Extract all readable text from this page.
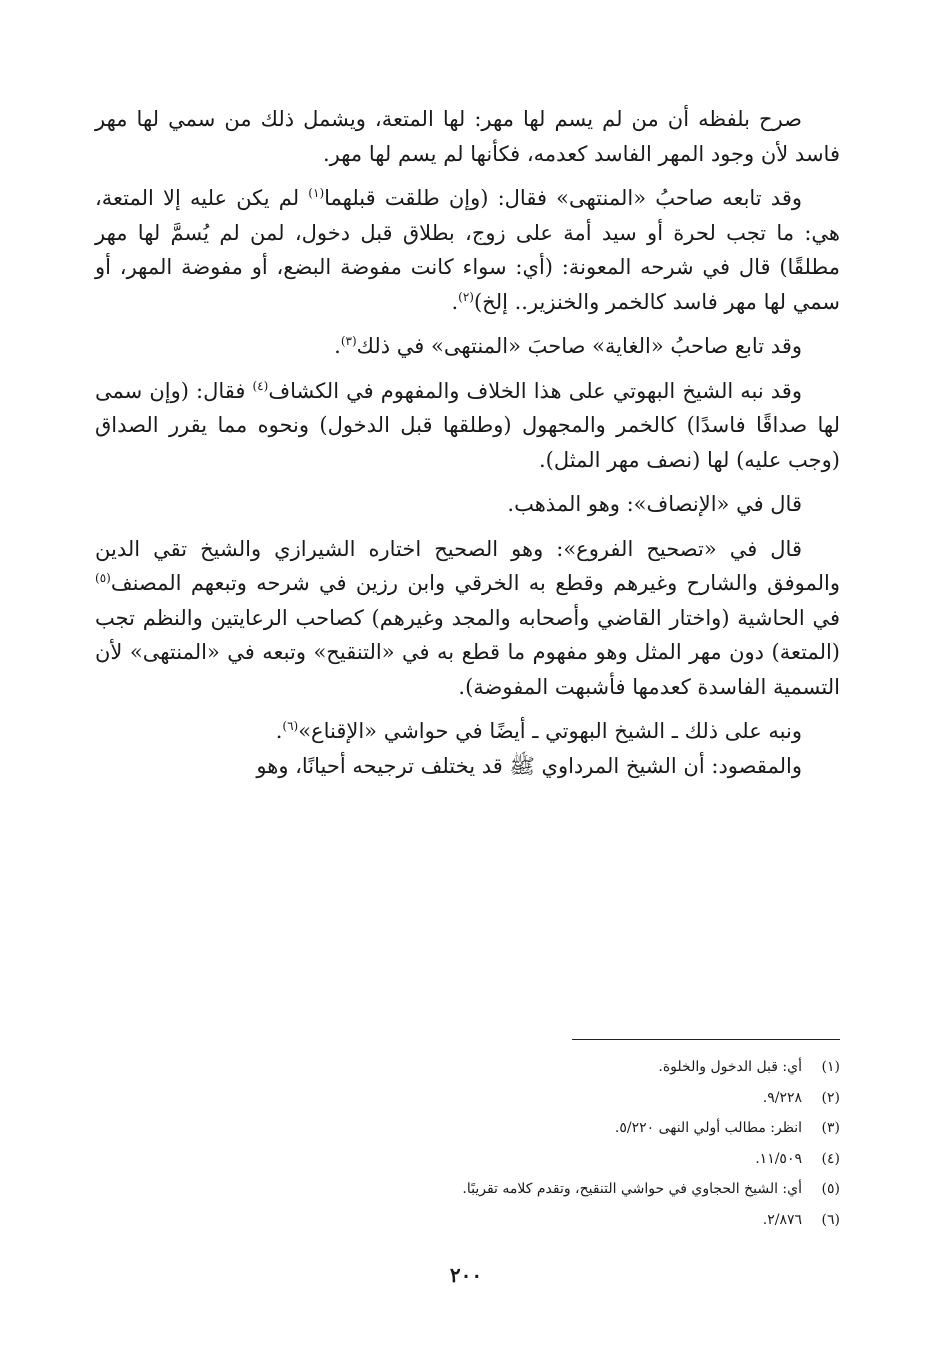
صرح بلفظه أن من لم يسم لها مهر: لها المتعة، ويشمل ذلك من سمي لها مهر فاسد لأن وجود المهر الفاسد كعدمه، فكأنها لم يسم لها مهر.

وقد تابعه صاحبُ «المنتهى» فقال: (وإن طلقت قبلهما$^{(١)}$ لم يكن عليه إلا المتعة، هي: ما تجب لحرة أو سيد أمة على زوج، بطلاق قبل دخول، لمن لم يُسمَّ لها مهر مطلقًا) قال في شرحه المعونة: (أي: سواء كانت مفوضة البضع، أو مفوضة المهر، أو سمي لها مهر فاسد كالخمر والخنزير.. إلخ)$^{(٢)}$.

وقد تابع صاحبُ «الغاية» صاحبَ «المنتهى» في ذلك$^{(٣)}$.

وقد نبه الشيخ البهوتي على هذا الخلاف والمفهوم في الكشاف$^{(٤)}$ فقال: (وإن سمى لها صداقًا فاسدًا) كالخمر والمجهول (وطلقها قبل الدخول) ونحوه مما يقرر الصداق (وجب عليه) لها (نصف مهر المثل).

قال في «الإنصاف»: وهو المذهب.

قال في «تصحيح الفروع»: وهو الصحيح اختاره الشيرازي والشيخ تقي الدين والموفق والشارح وغيرهم وقطع به الخرقي وابن رزين في شرحه وتبعهم المصنف$^{(٥)}$ في الحاشية (واختار القاضي وأصحابه والمجد وغيرهم) كصاحب الرعايتين والنظم تجب (المتعة) دون مهر المثل وهو مفهوم ما قطع به في «التنقيح» وتبعه في «المنتهى» لأن التسمية الفاسدة كعدمها فأشبهت المفوضة).

ونبه على ذلك ـ الشيخ البهوتي ـ أيضًا في حواشي «الإقناع»$^{(٦)}$.

والمقصود: أن الشيخ المرداوي ﷺ قد يختلف ترجيحه أحيانًا، وهو

(١)
أي: قبل الدخول والخلوة.
(٢)
٩/٢٢٨.
(٣)
انظر: مطالب أولي النهى ٥/٢٢٠.
(٤)
١١/٥٠٩.
(٥)
أي: الشيخ الحجاوي في حواشي التنقيح، وتقدم كلامه تقريبًا.
(٦)
٢/٨٧٦.
٢٠٠
